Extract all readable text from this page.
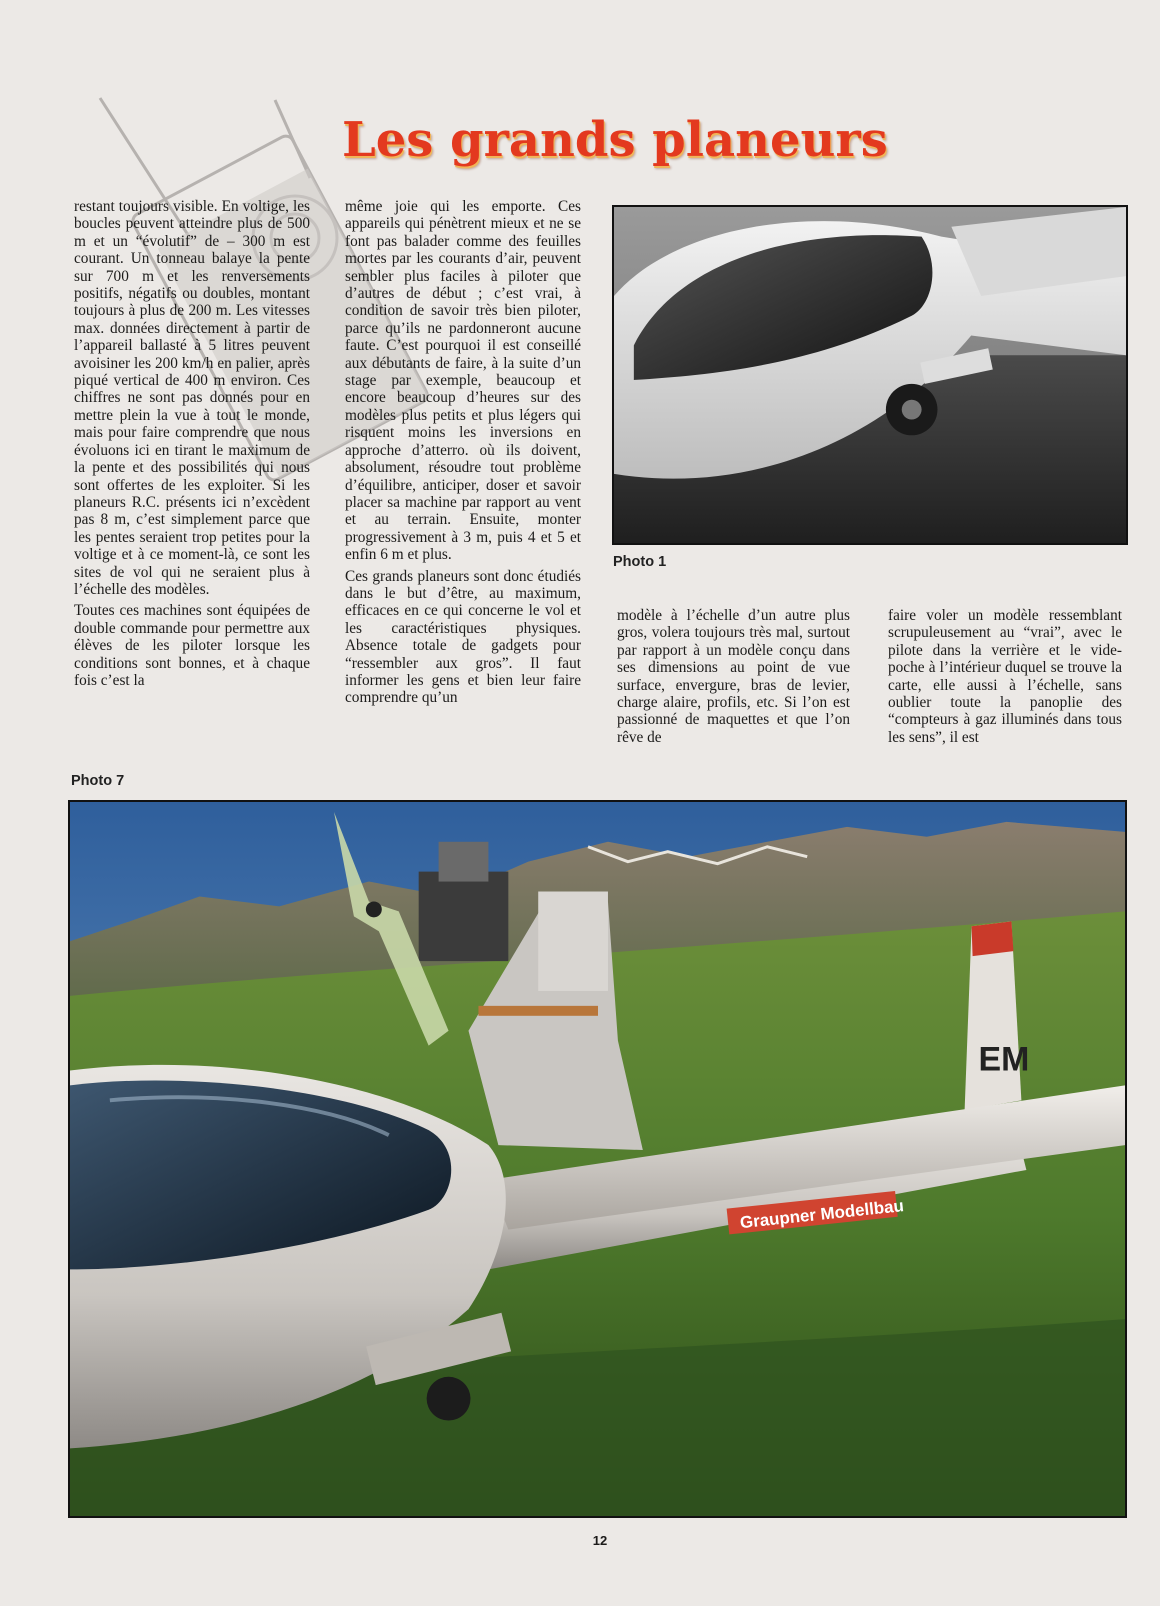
Les grands planeurs

restant toujours visible. En voltige, les boucles peuvent atteindre plus de 500 m et un “évolutif” de – 300 m est courant. Un tonneau balaye la pente sur 700 m et les renversements positifs, négatifs ou doubles, montant toujours à plus de 200 m. Les vitesses max. données directement à partir de l’appareil ballasté à 5 litres peuvent avoisiner les 200 km/h en palier, après piqué vertical de 400 m environ. Ces chiffres ne sont pas donnés pour en mettre plein la vue à tout le monde, mais pour faire comprendre que nous évoluons ici en tirant le maximum de la pente et des possibilités qui nous sont offertes de les exploiter. Si les planeurs R.C. présents ici n’excèdent pas 8 m, c’est simplement parce que les pentes seraient trop petites pour la voltige et à ce moment-là, ce sont les sites de vol qui ne seraient plus à l’échelle des modèles.

Toutes ces machines sont équipées de double commande pour permettre aux élèves de les piloter lorsque les conditions sont bonnes, et à chaque fois c’est la

même joie qui les emporte. Ces appareils qui pénètrent mieux et ne se font pas balader comme des feuilles mortes par les courants d’air, peuvent sembler plus faciles à piloter que d’autres de début ; c’est vrai, à condition de savoir très bien piloter, parce qu’ils ne pardonneront aucune faute. C’est pourquoi il est conseillé aux débutants de faire, à la suite d’un stage par exemple, beaucoup et encore beaucoup d’heures sur des modèles plus petits et plus légers qui risquent moins les inversions en approche d’atterro. où ils doivent, absolument, résoudre tout problème d’équilibre, anticiper, doser et savoir placer sa machine par rapport au vent et au terrain. Ensuite, monter progressivement à 3 m, puis 4 et 5 et enfin 6 m et plus.

Ces grands planeurs sont donc étudiés dans le but d’être, au maximum, efficaces en ce qui concerne le vol et les caractéristiques physiques. Absence totale de gadgets pour “ressembler aux gros”. Il faut informer les gens et bien leur faire comprendre qu’un

Photo 1

modèle à l’échelle d’un autre plus gros, volera toujours très mal, surtout par rapport à un modèle conçu dans ses dimensions au point de vue surface, envergure, bras de levier, charge alaire, profils, etc. Si l’on est passionné de maquettes et que l’on rêve de

faire voler un modèle ressemblant scrupuleusement au “vrai”, avec le pilote dans la verrière et le vide-poche à l’intérieur duquel se trouve la carte, elle aussi à l’échelle, sans oublier toute la panoplie des “compteurs à gaz illuminés dans tous les sens”, il est

Photo 7
EM
Graupner Modellbau
12
